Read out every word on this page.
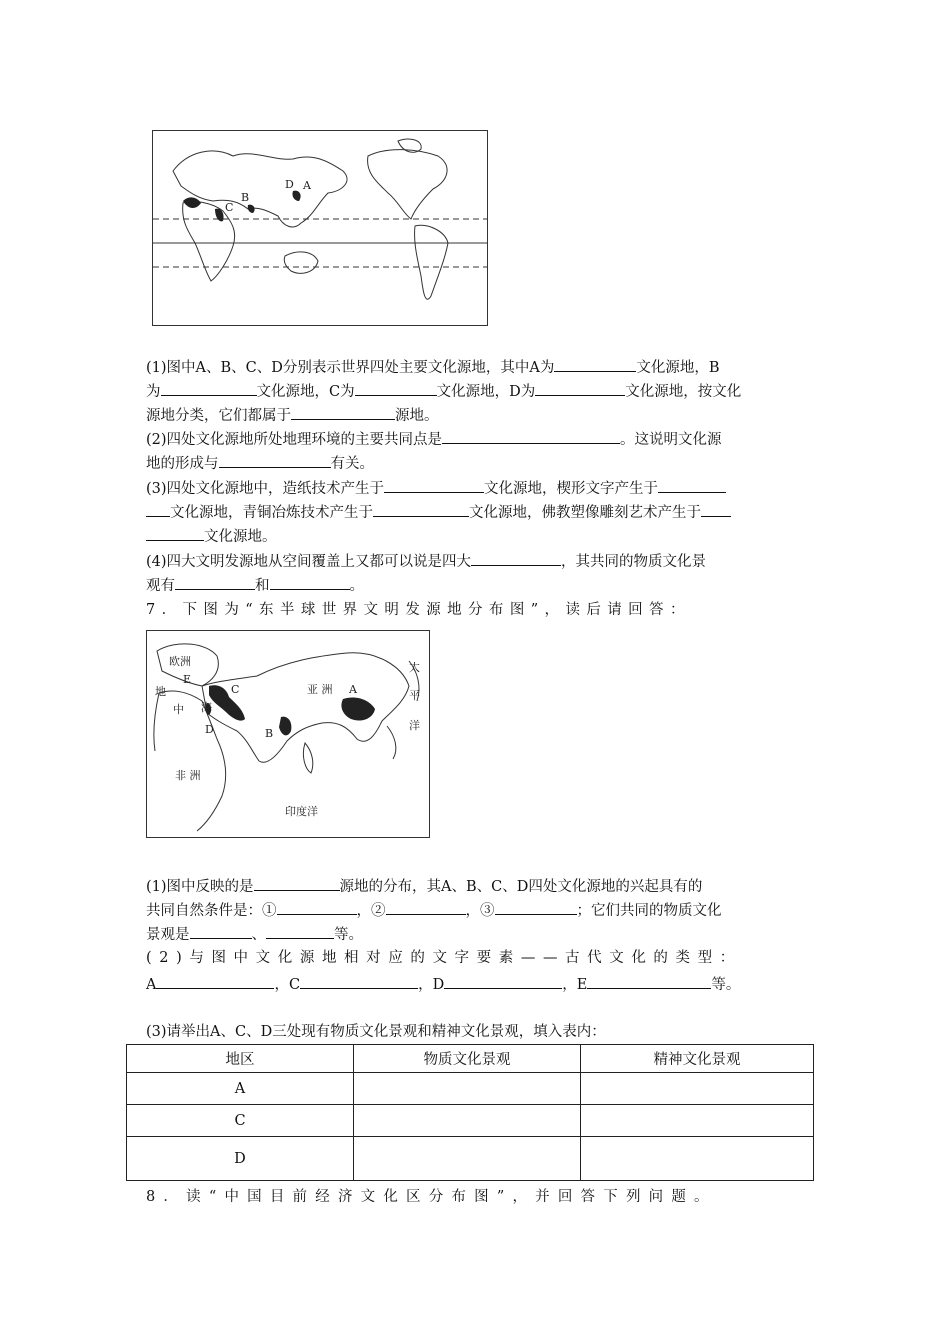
D
B
C
A
(1)图中A、B、C、D分别表示世界四处主要文化源地，其中A为	文化源地，B
为	文化源地，C为	文化源地，D为	文化源地，按文化
源地分类，它们都属于	源地。
(2)四处文化源地所处地理环境的主要共同点是	。这说明文化源
地的形成与	有关。
(3)四处文化源地中，造纸技术产生于	文化源地，楔形文字产生于
文化源地，青铜冶炼技术产生于	文化源地，佛教塑像雕刻艺术产生于
文化源地。
(4)四大文明发源地从空间覆盖上又都可以说是四大	，其共同的物质文化景
观有	和	。
7．下图为“东半球世界文明发源地分布图”，读后请回答：
欧洲
E
C
地
中 海
D	B
亚 洲 A
太
平
洋
非 洲
印度洋
(1)图中反映的是	源地的分布，其A、B、C、D四处文化源地的兴起具有的
共同自然条件是：①	，②	，③	；它们共同的物质文化
景观是	、	等。
(2)与图中文化源地相对应的文字要素——古代文化的类型：
A	，C	，D	，E	等。
(3)请举出A、C、D三处现有物质文化景观和精神文化景观，填入表内：
地区	物质文化景观	精神文化景观
A		
C		
D		
8．读“中国目前经济文化区分布图”，并回答下列问题。
